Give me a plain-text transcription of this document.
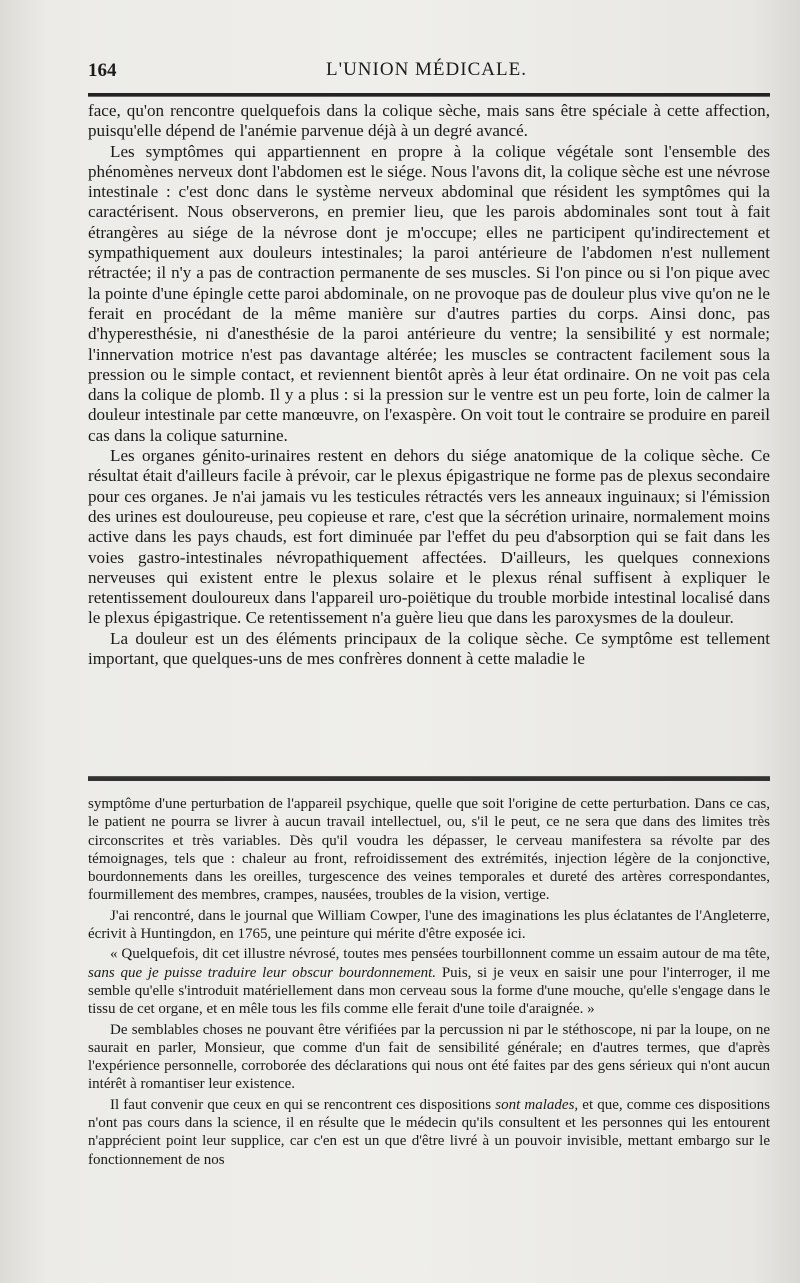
164	L'UNION MÉDICALE.

face, qu'on rencontre quelquefois dans la colique sèche, mais sans être spéciale à cette affection, puisqu'elle dépend de l'anémie parvenue déjà à un degré avancé.

Les symptômes qui appartiennent en propre à la colique végétale sont l'ensemble des phénomènes nerveux dont l'abdomen est le siége. Nous l'avons dit, la colique sèche est une névrose intestinale : c'est donc dans le système nerveux abdominal que résident les symptômes qui la caractérisent. Nous observerons, en premier lieu, que les parois abdominales sont tout à fait étrangères au siége de la névrose dont je m'occupe; elles ne participent qu'indirectement et sympathiquement aux douleurs intestinales; la paroi antérieure de l'abdomen n'est nullement rétractée; il n'y a pas de contraction permanente de ses muscles. Si l'on pince ou si l'on pique avec la pointe d'une épingle cette paroi abdominale, on ne provoque pas de douleur plus vive qu'on ne le ferait en procédant de la même manière sur d'autres parties du corps. Ainsi donc, pas d'hyperesthésie, ni d'anesthésie de la paroi antérieure du ventre; la sensibilité y est normale; l'innervation motrice n'est pas davantage altérée; les muscles se contractent facilement sous la pression ou le simple contact, et reviennent bientôt après à leur état ordinaire. On ne voit pas cela dans la colique de plomb. Il y a plus : si la pression sur le ventre est un peu forte, loin de calmer la douleur intestinale par cette manœuvre, on l'exaspère. On voit tout le contraire se produire en pareil cas dans la colique saturnine.

Les organes génito-urinaires restent en dehors du siége anatomique de la colique sèche. Ce résultat était d'ailleurs facile à prévoir, car le plexus épigastrique ne forme pas de plexus secondaire pour ces organes. Je n'ai jamais vu les testicules rétractés vers les anneaux inguinaux; si l'émission des urines est douloureuse, peu copieuse et rare, c'est que la sécrétion urinaire, normalement moins active dans les pays chauds, est fort diminuée par l'effet du peu d'absorption qui se fait dans les voies gastro-intestinales névropathiquement affectées. D'ailleurs, les quelques connexions nerveuses qui existent entre le plexus solaire et le plexus rénal suffisent à expliquer le retentissement douloureux dans l'appareil uro-poiëtique du trouble morbide intestinal localisé dans le plexus épigastrique. Ce retentissement n'a guère lieu que dans les paroxysmes de la douleur.

La douleur est un des éléments principaux de la colique sèche. Ce symptôme est tellement important, que quelques-uns de mes confrères donnent à cette maladie le

symptôme d'une perturbation de l'appareil psychique, quelle que soit l'origine de cette perturbation. Dans ce cas, le patient ne pourra se livrer à aucun travail intellectuel, ou, s'il le peut, ce ne sera que dans des limites très circonscrites et très variables. Dès qu'il voudra les dépasser, le cerveau manifestera sa révolte par des témoignages, tels que : chaleur au front, refroidissement des extrémités, injection légère de la conjonctive, bourdonnements dans les oreilles, turgescence des veines temporales et dureté des artères correspondantes, fourmillement des membres, crampes, nausées, troubles de la vision, vertige.

J'ai rencontré, dans le journal que William Cowper, l'une des imaginations les plus éclatantes de l'Angleterre, écrivit à Huntingdon, en 1765, une peinture qui mérite d'être exposée ici.

« Quelquefois, dit cet illustre névrosé, toutes mes pensées tourbillonnent comme un essaim autour de ma tête, sans que je puisse traduire leur obscur bourdonnement. Puis, si je veux en saisir une pour l'interroger, il me semble qu'elle s'introduit matériellement dans mon cerveau sous la forme d'une mouche, qu'elle s'engage dans le tissu de cet organe, et en mêle tous les fils comme elle ferait d'une toile d'araignée. »

De semblables choses ne pouvant être vérifiées par la percussion ni par le stéthoscope, ni par la loupe, on ne saurait en parler, Monsieur, que comme d'un fait de sensibilité générale; en d'autres termes, que d'après l'expérience personnelle, corroborée des déclarations qui nous ont été faites par des gens sérieux qui n'ont aucun intérêt à romantiser leur existence.

Il faut convenir que ceux en qui se rencontrent ces dispositions sont malades, et que, comme ces dispositions n'ont pas cours dans la science, il en résulte que le médecin qu'ils consultent et les personnes qui les entourent n'apprécient point leur supplice, car c'en est un que d'être livré à un pouvoir invisible, mettant embargo sur le fonctionnement de nos
